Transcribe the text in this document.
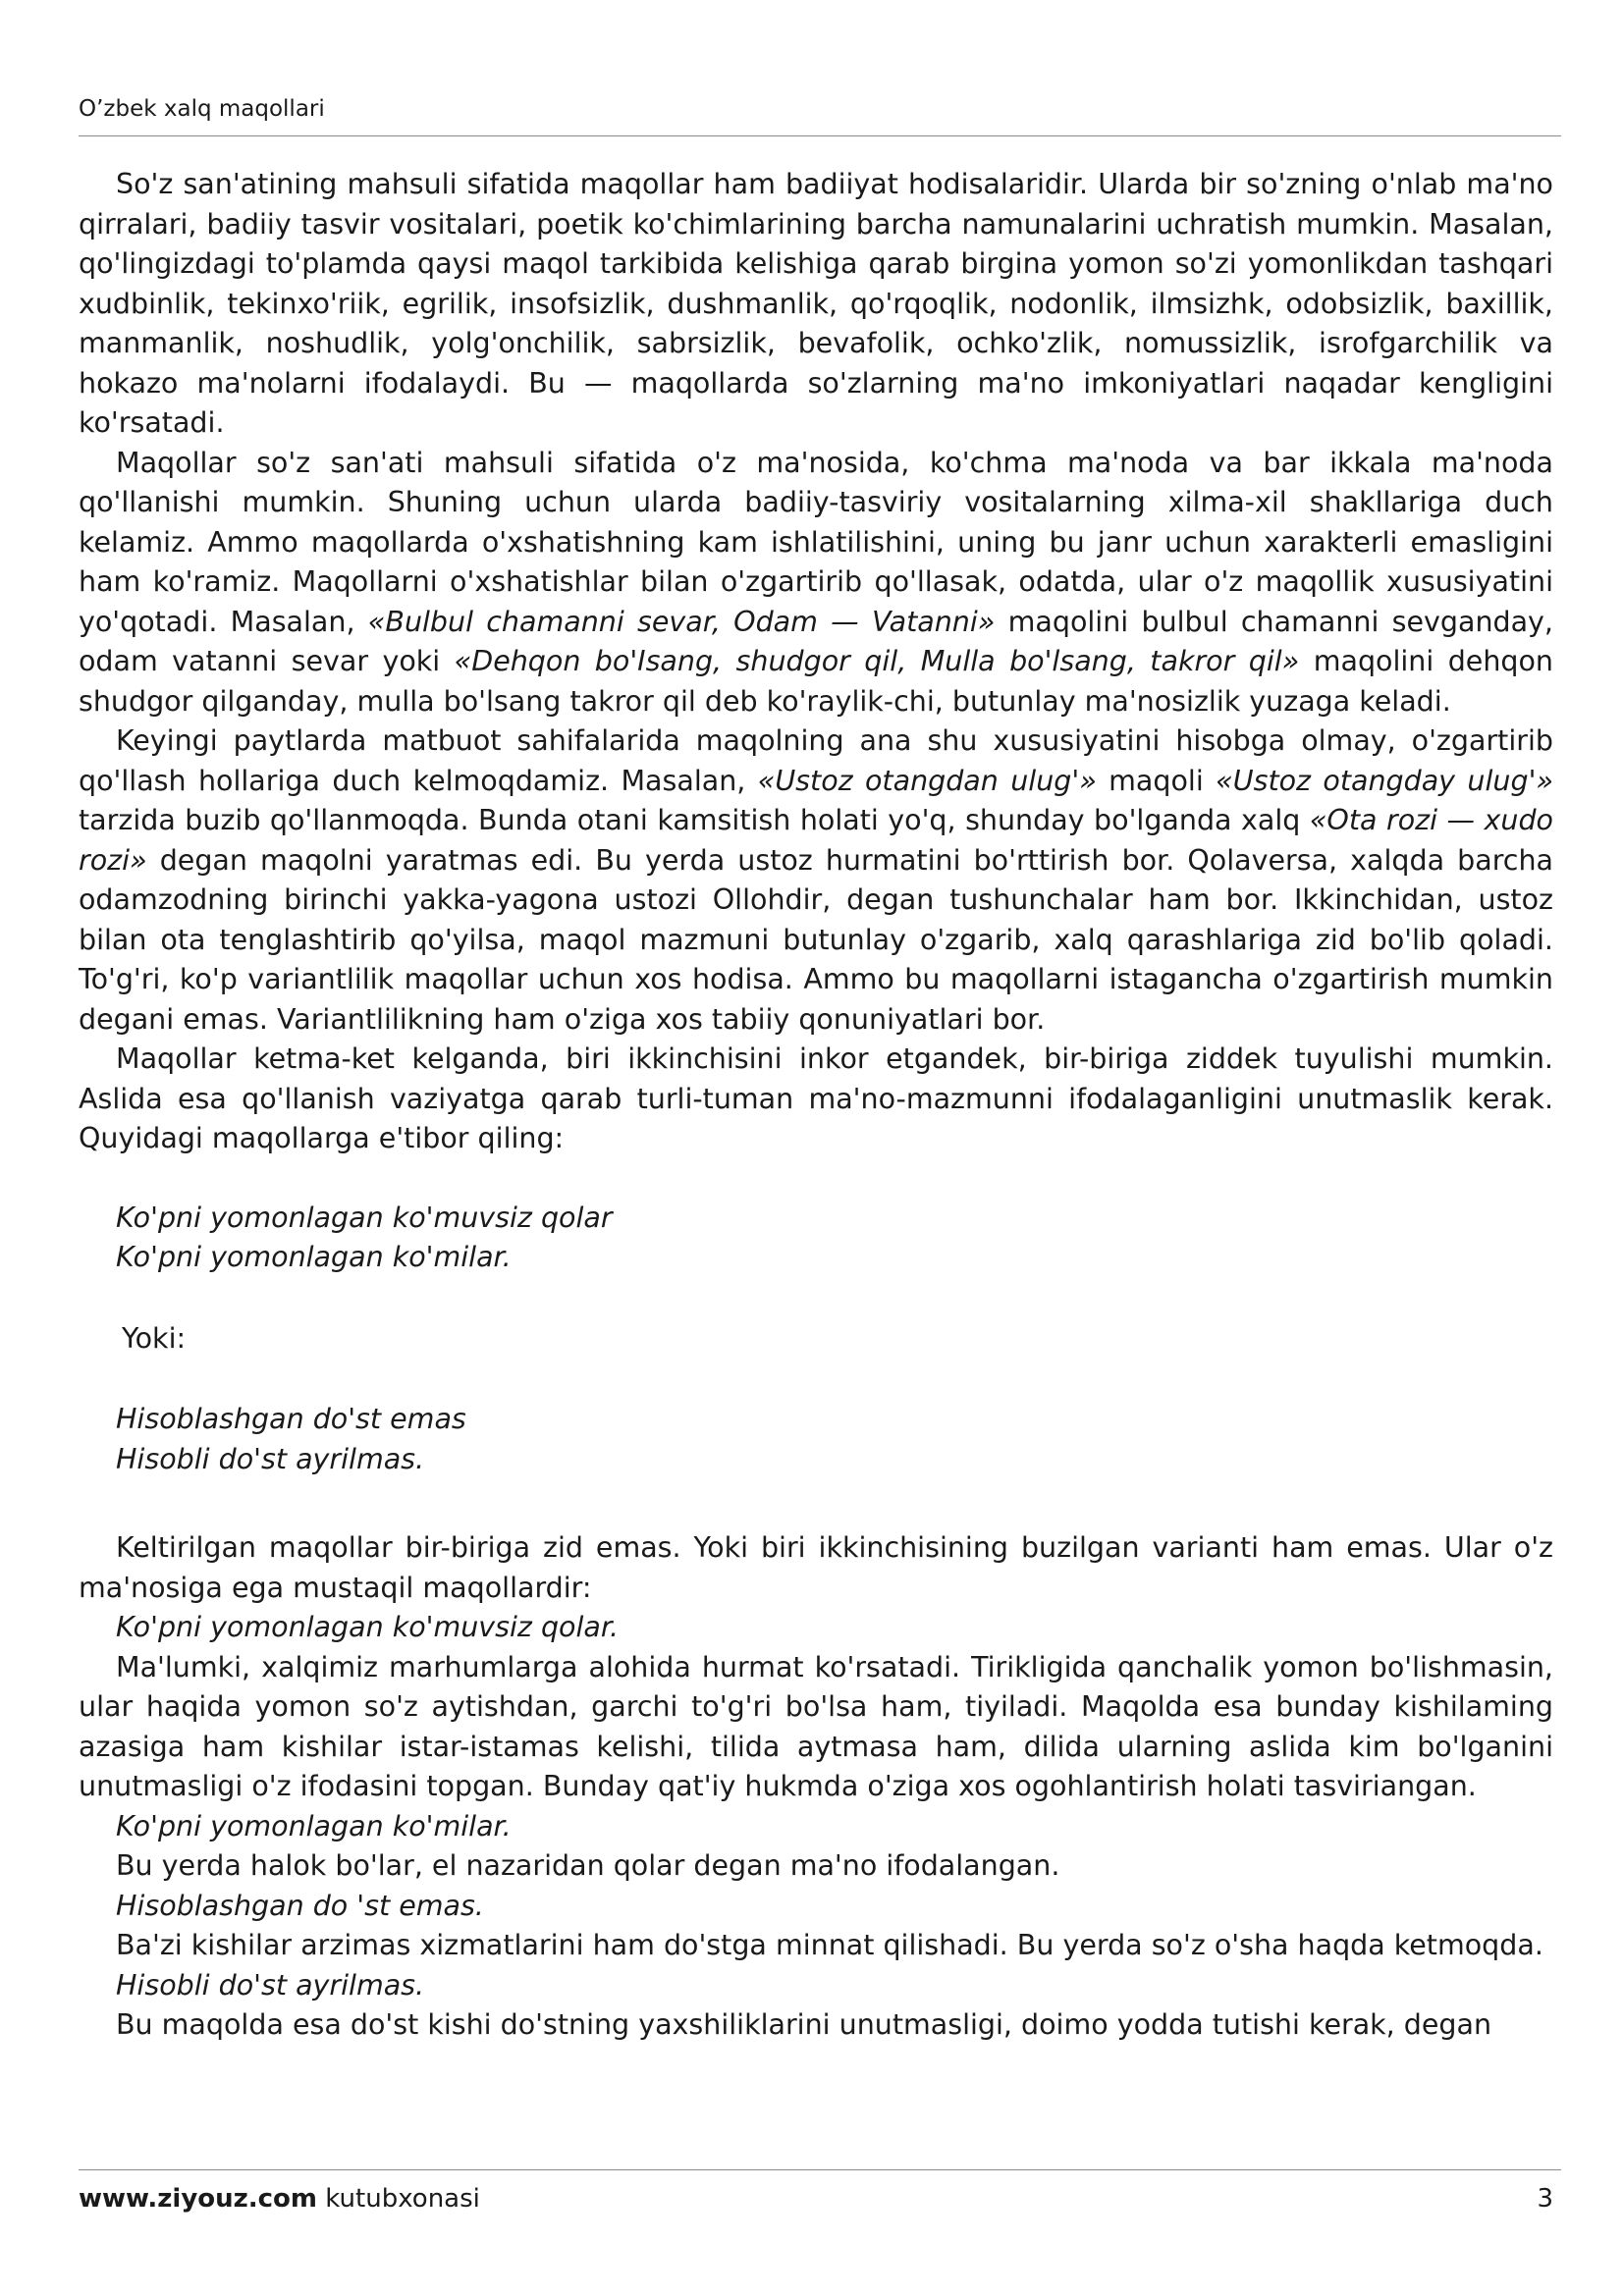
O’zbek xalq maqollari

So'z san'atining mahsuli sifatida maqollar ham badiiyat hodisalaridir. Ularda bir so'zning o'nlab ma'no qirralari, badiiy tasvir vositalari, poetik ko'chimlarining barcha namunalarini uchratish mumkin. Masalan, qo'lingizdagi to'plamda qaysi maqol tarkibida kelishiga qarab birgina yomon so'zi yomonlikdan tashqari xudbinlik, tekinxo'riik, egrilik, insofsizlik, dushmanlik, qo'rqoqlik, nodonlik, ilmsizhk, odobsizlik, baxillik, manmanlik, noshudlik, yolg'onchilik, sabrsizlik, bevafolik, ochko'zlik, nomussizlik, isrofgarchilik va hokazo ma'nolarni ifodalaydi. Bu — maqollarda so'zlarning ma'no imkoniyatlari naqadar kengligini ko'rsatadi.

Maqollar so'z san'ati mahsuli sifatida o'z ma'nosida, ko'chma ma'noda va bar ikkala ma'noda qo'llanishi mumkin. Shuning uchun ularda badiiy-tasviriy vositalarning xilma-xil shakllariga duch kelamiz. Ammo maqollarda o'xshatishning kam ishlatilishini, uning bu janr uchun xarakterli emasligini ham ko'ramiz. Maqollarni o'xshatishlar bilan o'zgartirib qo'llasak, odatda, ular o'z maqollik xususiyatini yo'qotadi. Masalan, «Bulbul chamanni sevar, Odam — Vatanni» maqolini bulbul chamanni sevganday, odam vatanni sevar yoki «Dehqon bo'Isang, shudgor qil, Mulla bo'lsang, takror qil» maqolini dehqon shudgor qilganday, mulla bo'lsang takror qil deb ko'raylik-chi, butunlay ma'nosizlik yuzaga keladi.

Keyingi paytlarda matbuot sahifalarida maqolning ana shu xususiyatini hisobga olmay, o'zgartirib qo'llash hollariga duch kelmoqdamiz. Masalan, «Ustoz otangdan ulug'» maqoli «Ustoz otangday ulug'» tarzida buzib qo'llanmoqda. Bunda otani kamsitish holati yo'q, shunday bo'lganda xalq «Ota rozi — xudo rozi» degan maqolni yaratmas edi. Bu yerda ustoz hurmatini bo'rttirish bor. Qolaversa, xalqda barcha odamzodning birinchi yakka-yagona ustozi Ollohdir, degan tushunchalar ham bor. Ikkinchidan, ustoz bilan ota tenglashtirib qo'yilsa, maqol mazmuni butunlay o'zgarib, xalq qarashlariga zid bo'lib qoladi. To'g'ri, ko'p variantlilik maqollar uchun xos hodisa. Ammo bu maqollarni istagancha o'zgartirish mumkin degani emas. Variantlilikning ham o'ziga xos tabiiy qonuniyatlari bor.

Maqollar ketma-ket kelganda, biri ikkinchisini inkor etgandek, bir-biriga ziddek tuyulishi mumkin. Aslida esa qo'llanish vaziyatga qarab turli-tuman ma'no-mazmunni ifodalaganligini unutmaslik kerak. Quyidagi maqollarga e'tibor qiling:

Ko'pni yomonlagan ko'muvsiz qolar

Ko'pni yomonlagan ko'milar.

Yoki:

Hisoblashgan do'st emas

Hisobli do'st ayrilmas.

Keltirilgan maqollar bir-biriga zid emas. Yoki biri ikkinchisining buzilgan varianti ham emas. Ular o'z ma'nosiga ega mustaqil maqollardir:

Ko'pni yomonlagan ko'muvsiz qolar.

Ma'lumki, xalqimiz marhumlarga alohida hurmat ko'rsatadi. Tirikligida qanchalik yomon bo'lishmasin, ular haqida yomon so'z aytishdan, garchi to'g'ri bo'lsa ham, tiyiladi. Maqolda esa bunday kishilaming azasiga ham kishilar istar-istamas kelishi, tilida aytmasa ham, dilida ularning aslida kim bo'lganini unutmasligi o'z ifodasini topgan. Bunday qat'iy hukmda o'ziga xos ogohlantirish holati tasviriangan.

Ko'pni yomonlagan ko'milar.

Bu yerda halok bo'lar, el nazaridan qolar degan ma'no ifodalangan.

Hisoblashgan do 'st emas.

Ba'zi kishilar arzimas xizmatlarini ham do'stga minnat qilishadi. Bu yerda so'z o'sha haqda ketmoqda.

Hisobli do'st ayrilmas.

Bu maqolda esa do'st kishi do'stning yaxshiliklarini unutmasligi, doimo yodda tutishi kerak, degan

www.ziyouz.com kutubxonasi	3
